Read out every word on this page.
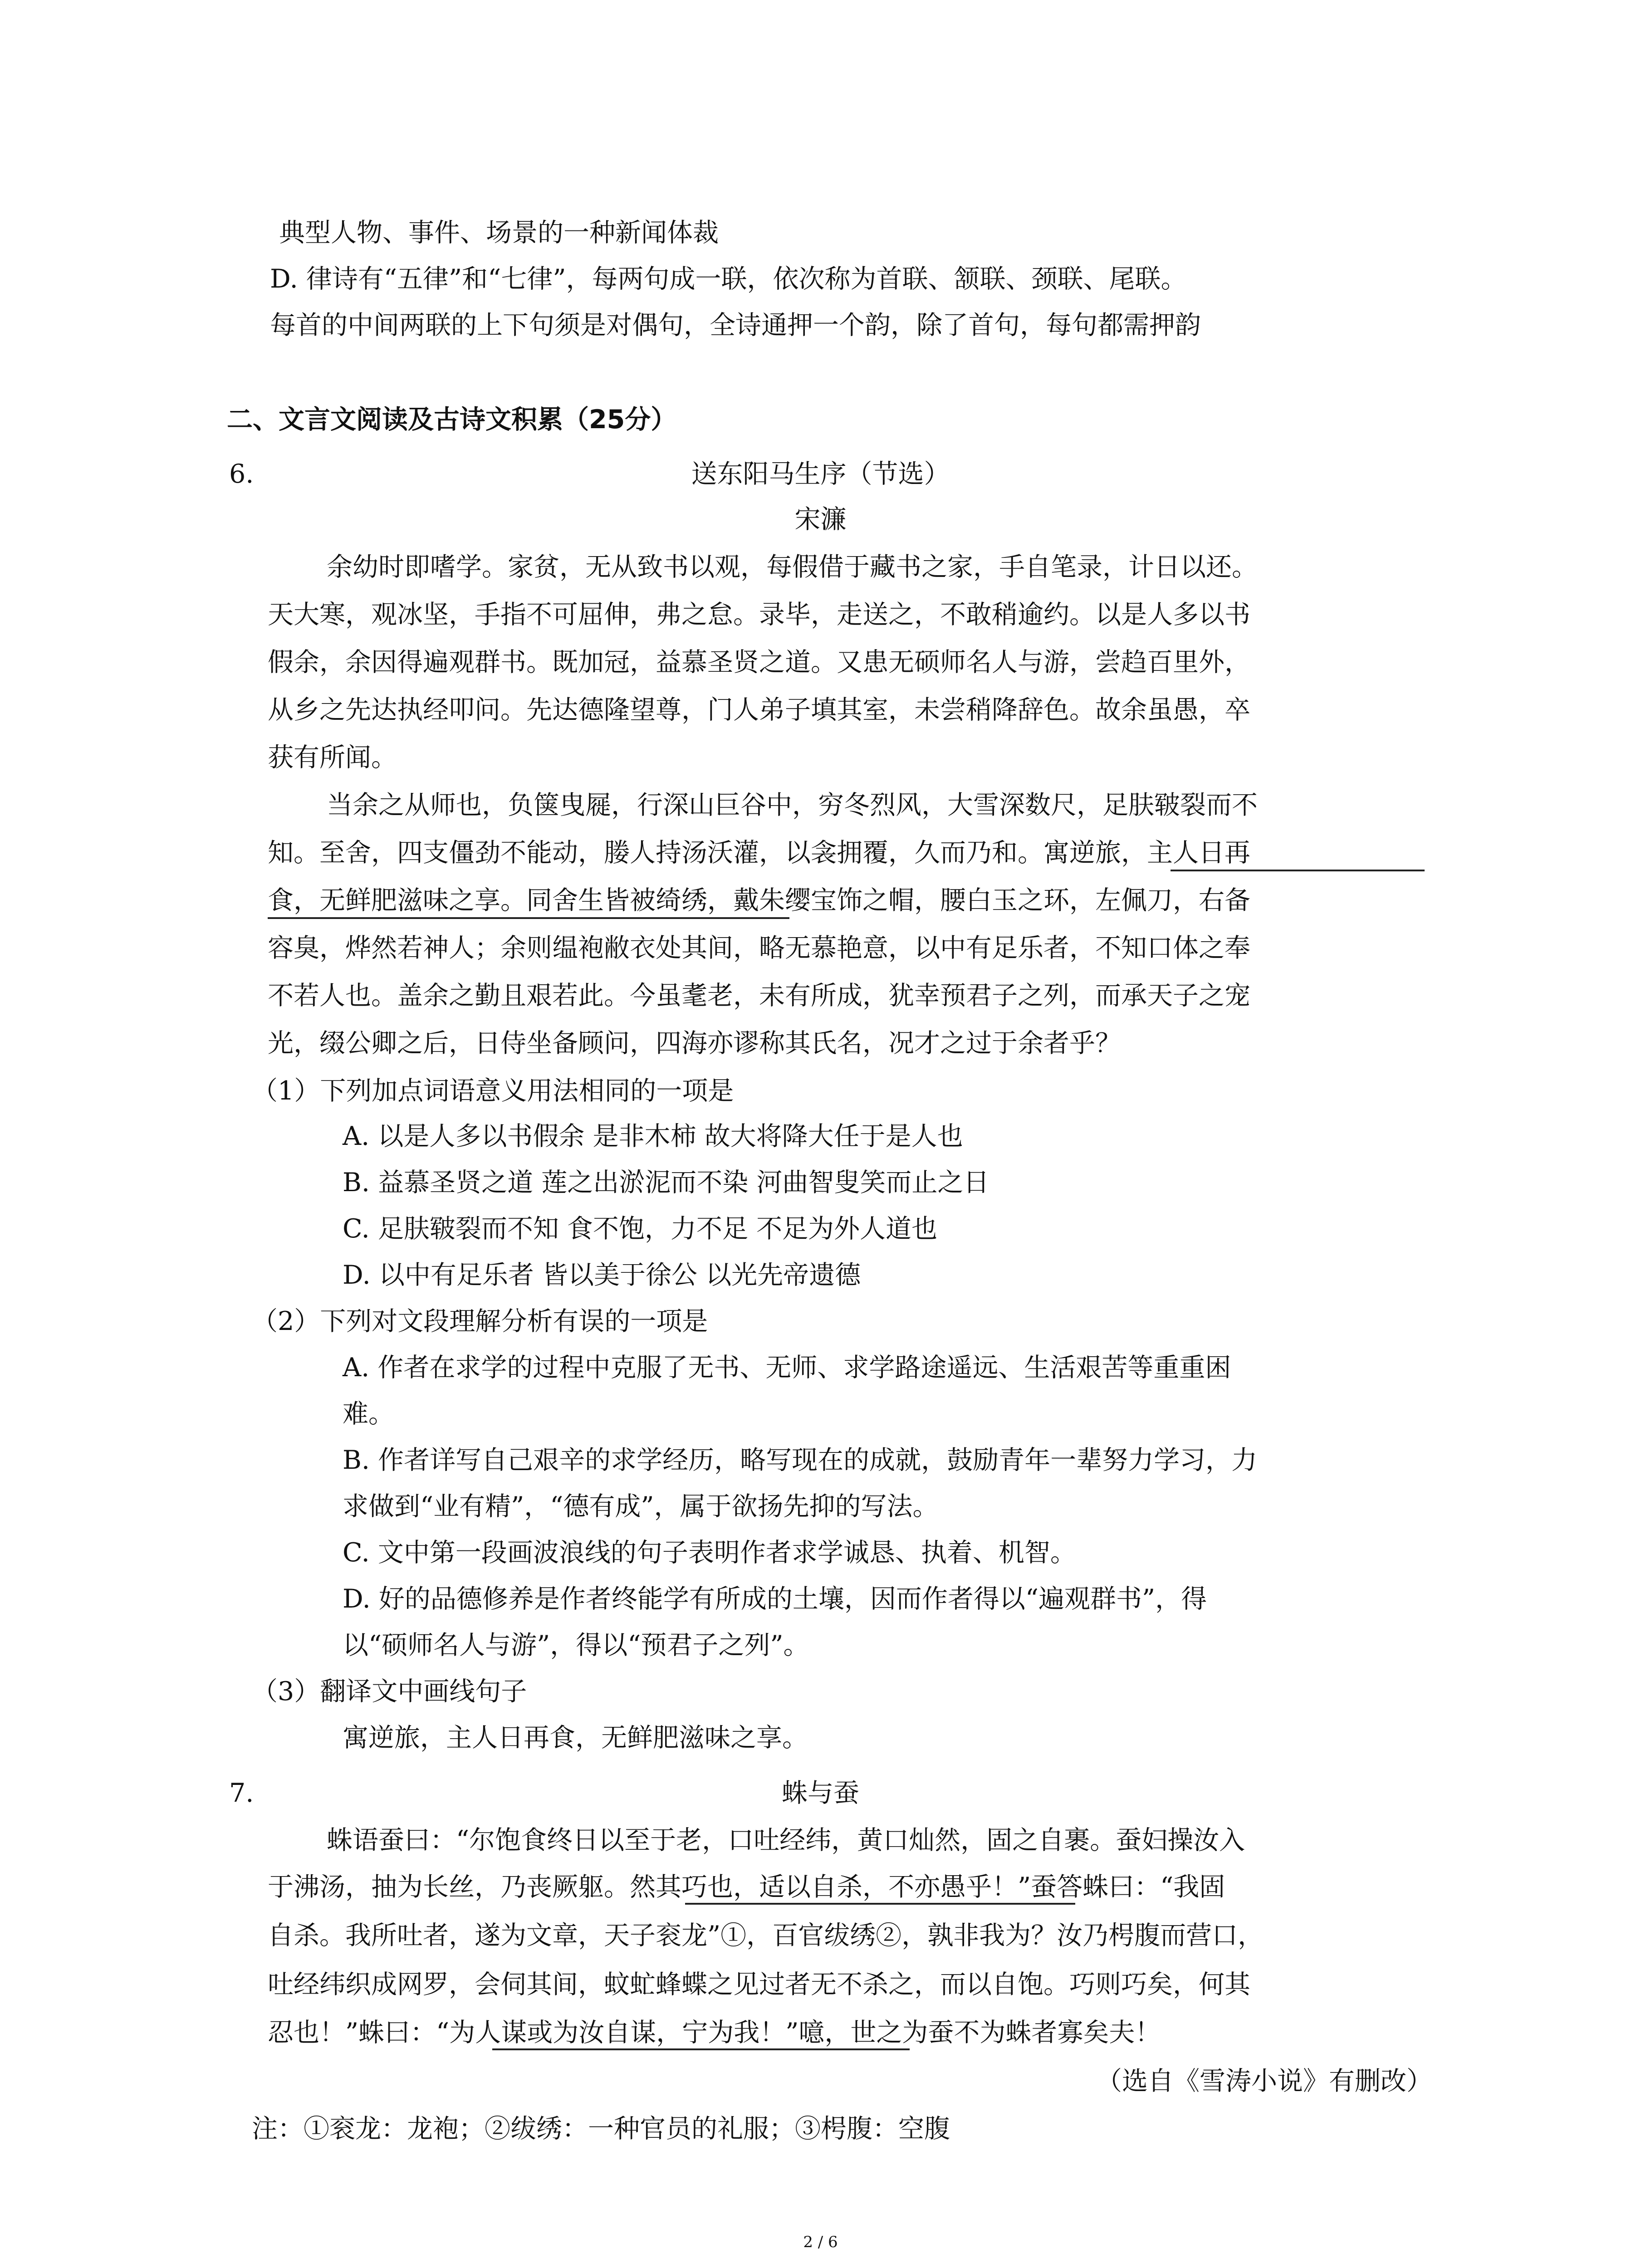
典型人物、事件、场景的一种新闻体裁
D. 律诗有“五律”和“七律”，每两句成一联，依次称为首联、颔联、颈联、尾联。
每首的中间两联的上下句须是对偶句，全诗通押一个韵，除了首句，每句都需押韵
二、文言文阅读及古诗文积累（25分）
6.	送东阳马生序（节选）
宋濂
余幼时即嗜学。家贫，无从致书以观，每假借于藏书之家，手自笔录，计日以还。
天大寒，观冰坚，手指不可屈伸，弗之怠。录毕，走送之，不敢稍逾约。以是人多以书
假余，余因得遍观群书。既加冠，益慕圣贤之道。又患无硕师名人与游，尝趋百里外，
从乡之先达执经叩问。先达德隆望尊，门人弟子填其室，未尝稍降辞色。故余虽愚，卒
获有所闻。
当余之从师也，负箧曳屣，行深山巨谷中，穷冬烈风，大雪深数尺，足肤皲裂而不
知。至舍，四支僵劲不能动，媵人持汤沃灌，以衾拥覆，久而乃和。寓逆旅，主人日再
食，无鲜肥滋味之享。同舍生皆被绮绣，戴朱缨宝饰之帽，腰白玉之环，左佩刀，右备
容臭，烨然若神人；余则缊袍敝衣处其间，略无慕艳意，以中有足乐者，不知口体之奉
不若人也。盖余之勤且艰若此。今虽耄老，未有所成，犹幸预君子之列，而承天子之宠
光，缀公卿之后，日侍坐备顾问，四海亦谬称其氏名，况才之过于余者乎？
（1）下列加点词语意义用法相同的一项是
A. 以是人多以书假余 是非木柿 故大将降大任于是人也
B. 益慕圣贤之道 莲之出淤泥而不染 河曲智叟笑而止之日
C. 足肤皲裂而不知 食不饱，力不足 不足为外人道也
D. 以中有足乐者 皆以美于徐公 以光先帝遗德
（2）下列对文段理解分析有误的一项是
A. 作者在求学的过程中克服了无书、无师、求学路途遥远、生活艰苦等重重困
难。
B. 作者详写自己艰辛的求学经历，略写现在的成就，鼓励青年一辈努力学习，力
求做到“业有精”，“德有成”，属于欲扬先抑的写法。
C. 文中第一段画波浪线的句子表明作者求学诚恳、执着、机智。
D. 好的品德修养是作者终能学有所成的土壤，因而作者得以“遍观群书”，得
以“硕师名人与游”，得以“预君子之列”。
（3）翻译文中画线句子
寓逆旅，主人日再食，无鲜肥滋味之享。
7.	蛛与蚕
蛛语蚕曰：“尔饱食终日以至于老，口吐经纬，黄口灿然，固之自裹。蚕妇操汝入
于沸汤，抽为长丝，乃丧厥躯。然其巧也，适以自杀，不亦愚乎！”蚕答蛛曰：“我固
自杀。我所吐者，遂为文章，天子衮龙”①，百官绂绣②，孰非我为？汝乃枵腹而营口，
吐经纬织成网罗，会伺其间，蚊虻蜂蝶之见过者无不杀之，而以自饱。巧则巧矣，何其
忍也！”蛛曰：“为人谋或为汝自谋，宁为我！”噫，世之为蚕不为蛛者寡矣夫！
（选自《雪涛小说》有删改）
注：①衮龙：龙袍；②绂绣：一种官员的礼服；③枵腹：空腹
2 / 6
